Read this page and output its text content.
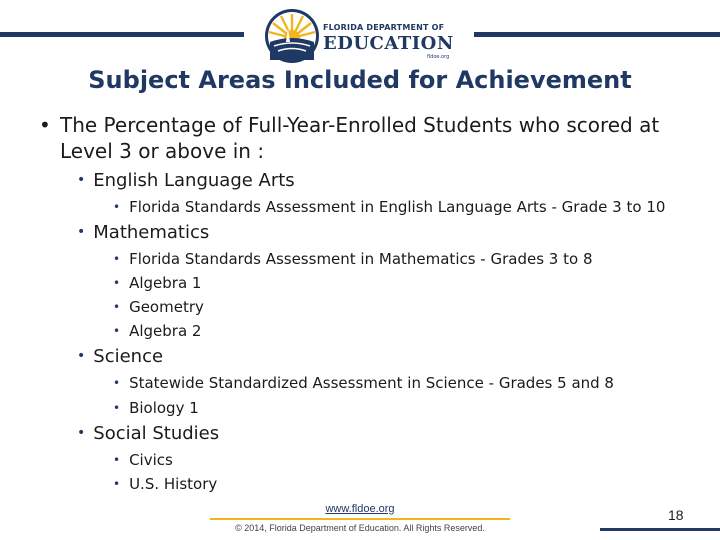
FLORIDA DEPARTMENT OF
EDUCATION
fldoe.org
Subject Areas Included for Achievement
• The Percentage of Full-Year-Enrolled Students who scored at Level 3 or above in :
• English Language Arts
• Florida Standards Assessment in English Language Arts - Grade 3 to 10
• Mathematics
• Florida Standards Assessment in Mathematics - Grades 3 to 8
• Algebra 1
• Geometry
• Algebra 2
• Science
• Statewide Standardized Assessment in Science - Grades 5 and 8
• Biology 1
• Social Studies
• Civics
• U.S. History
www.fldoe.org
© 2014, Florida Department of Education. All Rights Reserved.
18
